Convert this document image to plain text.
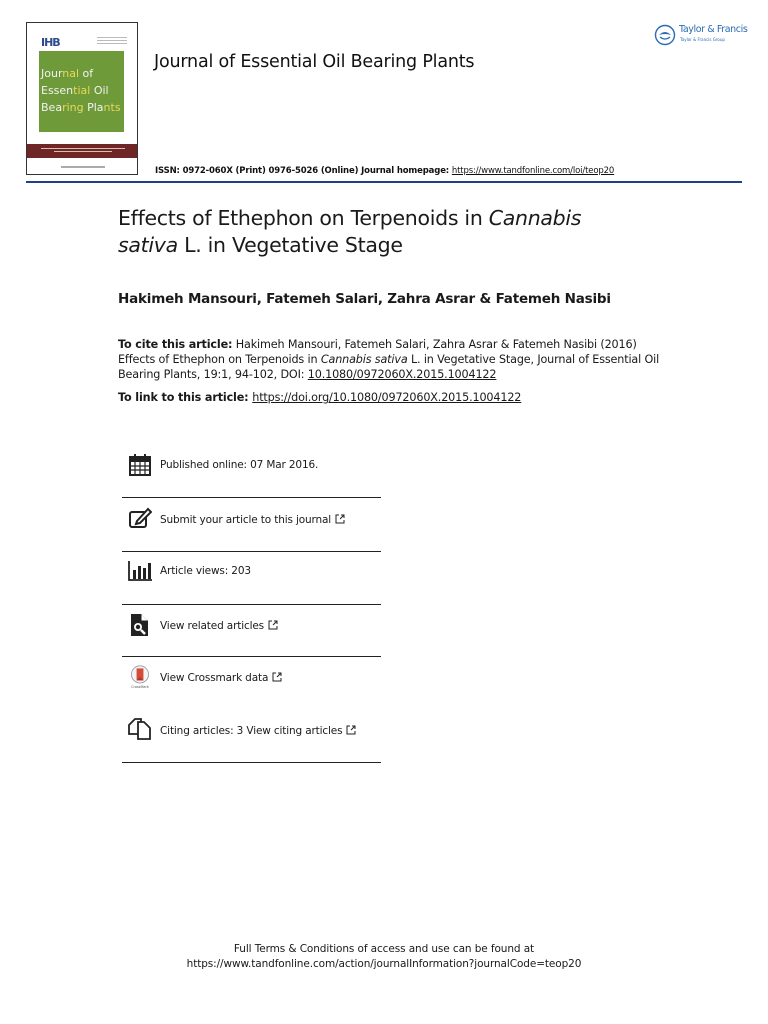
IHB
Journal of
Essential Oil
Bearing Plants
Journal of Essential Oil Bearing Plants
Taylor & Francis
Taylor & Francis Group
ISSN: 0972-060X (Print) 0976-5026 (Online) Journal homepage: https://www.tandfonline.com/loi/teop20
Effects of Ethephon on Terpenoids in Cannabis
sativa L. in Vegetative Stage
Hakimeh Mansouri, Fatemeh Salari, Zahra Asrar & Fatemeh Nasibi
To cite this article: Hakimeh Mansouri, Fatemeh Salari, Zahra Asrar & Fatemeh Nasibi (2016) Effects of Ethephon on Terpenoids in Cannabis sativa L. in Vegetative Stage, Journal of Essential Oil Bearing Plants, 19:1, 94-102, DOI: 10.1080/0972060X.2015.1004122
To link to this article: https://doi.org/10.1080/0972060X.2015.1004122
Published online: 07 Mar 2016.
Submit your article to this journal
Article views: 203
View related articles
CrossMark
View Crossmark data
Citing articles: 3 View citing articles
Full Terms & Conditions of access and use can be found at
https://www.tandfonline.com/action/journalInformation?journalCode=teop20
